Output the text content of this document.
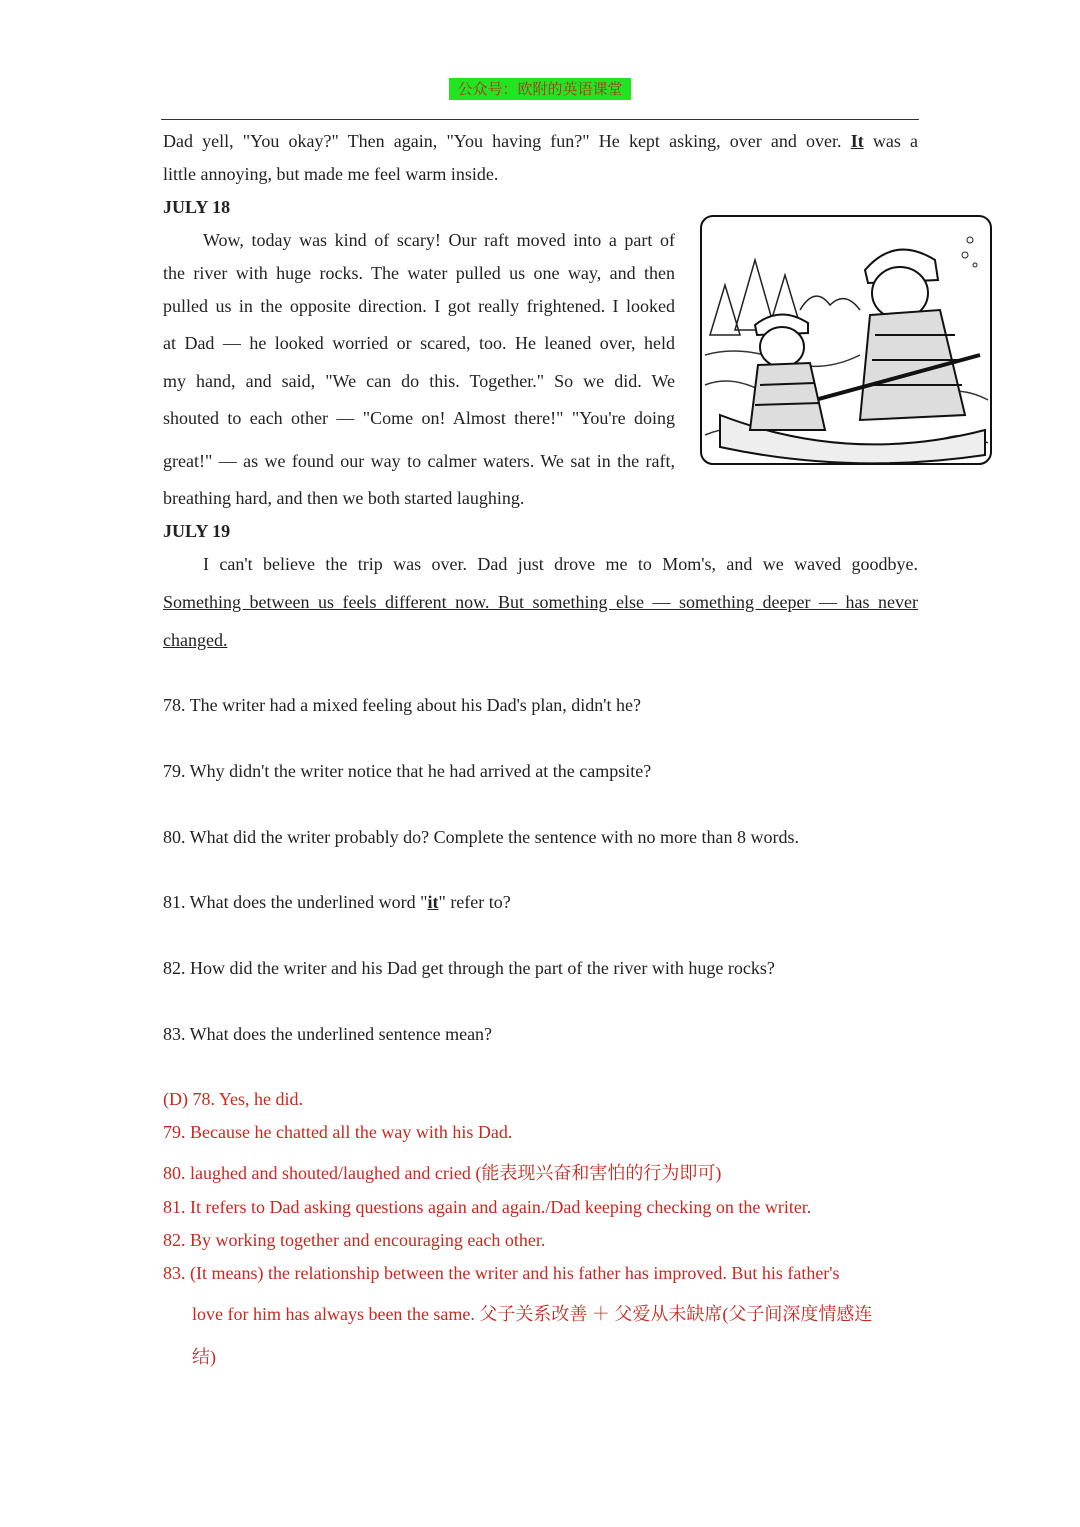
公众号：欧附的英语课堂
Dad yell, "You okay?" Then again, "You having fun?" He kept asking, over and over. It was a
little annoying, but made me feel warm inside.
JULY 18
Wow, today was kind of scary! Our raft moved into a part of
the river with huge rocks. The water pulled us one way, and then
pulled us in the opposite direction. I got really frightened. I looked
at Dad — he looked worried or scared, too. He leaned over, held
my hand, and said, "We can do this. Together." So we did. We
shouted to each other — "Come on! Almost there!" "You're doing
great!" — as we found our way to calmer waters. We sat in the raft,
breathing hard, and then we both started laughing.
JULY 19
I can't believe the trip was over. Dad just drove me to Mom's, and we waved goodbye.
Something between us feels different now. But something else — something deeper — has never
changed.
78. The writer had a mixed feeling about his Dad's plan, didn't he?
79. Why didn't the writer notice that he had arrived at the campsite?
80. What did the writer probably do? Complete the sentence with no more than 8 words.
81. What does the underlined word "it" refer to?
82. How did the writer and his Dad get through the part of the river with huge rocks?
83. What does the underlined sentence mean?
(D) 78. Yes, he did.
79. Because he chatted all the way with his Dad.
80. laughed and shouted/laughed and cried (能表现兴奋和害怕的行为即可)
81. It refers to Dad asking questions again and again./Dad keeping checking on the writer.
82. By working together and encouraging each other.
83. (It means) the relationship between the writer and his father has improved. But his father's
love for him has always been the same. 父子关系改善 ＋ 父爱从未缺席(父子间深度情感连
结)
